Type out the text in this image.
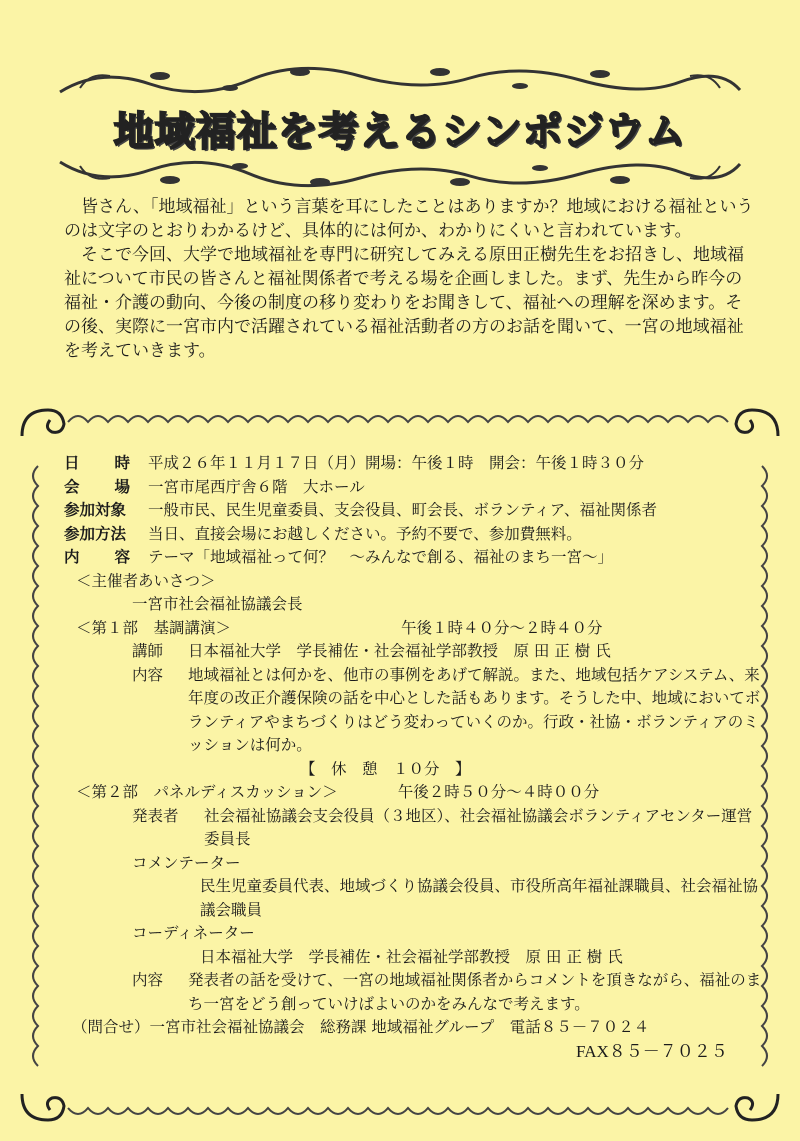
地域福祉を考えるシンポジウム

皆さん、「地域福祉」という言葉を耳にしたことはありますか？地域における福祉というのは文字のとおりわかるけど、具体的には何か、わかりにくいと言われています。

そこで今回、大学で地域福祉を専門に研究してみえる原田正樹先生をお招きし、地域福祉について市民の皆さんと福祉関係者で考える場を企画しました。まず、先生から昨今の福祉・介護の動向、今後の制度の移り変わりをお聞きして、福祉への理解を深めます。その後、実際に一宮市内で活躍されている福祉活動者の方のお話を聞いて、一宮の地域福祉を考えていきます。

日時 平成２６年１１月１７日（月）開場：午後１時　開会：午後１時３０分
会場 一宮市尾西庁舎６階　大ホール
参加対象	一般市民、民生児童委員、支会役員、町会長、ボランティア、福祉関係者
参加方法	当日、直接会場にお越しください。予約不要で、参加費無料。
内容 テーマ「地域福祉って何？　～みんなで創る、福祉のまち一宮～」
＜主催者あいさつ＞
一宮市社会福祉協議会長
＜第１部　基調講演＞	午後１時４０分～２時４０分
講師	日本福祉大学　学長補佐・社会福祉学部教授　原 田 正 樹 氏
内容	地域福祉とは何かを、他市の事例をあげて解説。また、地域包括ケアシステム、来年度の改正介護保険の話を中心とした話もあります。そうした中、地域においてボランティアやまちづくりはどう変わっていくのか。行政・社協・ボランティアのミッションは何か。
【　休　憩　１０分　】
＜第２部　パネルディスカッション＞	午後２時５０分～４時００分
発表者	社会福祉協議会支会役員（３地区）、社会福祉協議会ボランティアセンター運営委員長
コメンテーター
民生児童委員代表、地域づくり協議会役員、市役所高年福祉課職員、社会福祉協議会職員
コーディネーター
日本福祉大学　学長補佐・社会福祉学部教授　原 田 正 樹 氏
内容	発表者の話を受けて、一宮の地域福祉関係者からコメントを頂きながら、福祉のまち一宮をどう創っていけばよいのかをみんなで考えます。
（問合せ）一宮市社会福祉協議会　総務課 地域福祉グループ　電話８５－７０２４
FAX８５－７０２５
